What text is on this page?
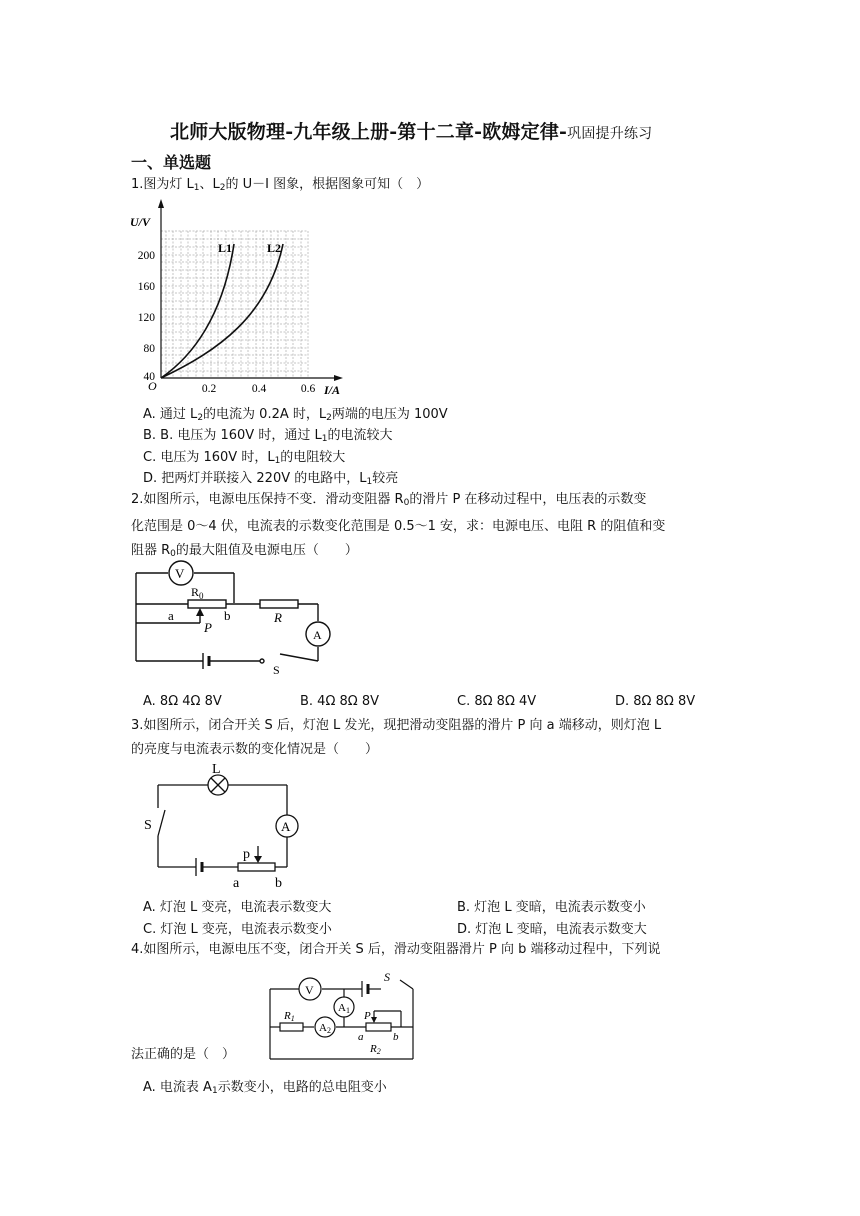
北师大版物理-九年级上册-第十二章-欧姆定律-巩固提升练习
一、单选题
1.图为灯 $L_1$、$L_2$的 U－I 图象，根据图象可知（　）
U/V
I/A
O
200
160
120
80
40
0.2	0.4	0.6
L1	L2
A. 通过 $L_2$的电流为 0.2A 时，$L_2$两端的电压为 100V
B. B. 电压为 160V 时，通过 $L_1$的电流较大
C. 电压为 160V 时，$L_1$的电阻较大
D. 把两灯并联接入 220V 的电路中，$L_1$较亮
2.如图所示，电源电压保持不变．滑动变阻器 $R_0$的滑片 P 在移动过程中，电压表的示数变
化范围是 0～4 伏，电流表的示数变化范围是 0.5～1 安，求：电源电压、电阻 R 的阻值和变
阻器 $R_0$的最大阻值及电源电压（　　）
V
$R_0$
a	b
P
R
A
S
A. 8Ω 4Ω 8V	B. 4Ω 8Ω 8V	C. 8Ω 8Ω 4V	D. 8Ω 8Ω 8V
3.如图所示，闭合开关 S 后，灯泡 L 发光，现把滑动变阻器的滑片 P 向 a 端移动，则灯泡 L
的亮度与电流表示数的变化情况是（　　）
L
S	A
p
a	b
A. 灯泡 L 变亮，电流表示数变大	B. 灯泡 L 变暗，电流表示数变小
C. 灯泡 L 变亮，电流表示数变小	D. 灯泡 L 变暗，电流表示数变大
4.如图所示，电源电压不变，闭合开关 S 后，滑动变阻器滑片 P 向 b 端移动过程中，下列说
V
S
A1
A2
R1	P
a	b
R2
法正确的是（　）
A. 电流表 $A_1$示数变小，电路的总电阻变小
